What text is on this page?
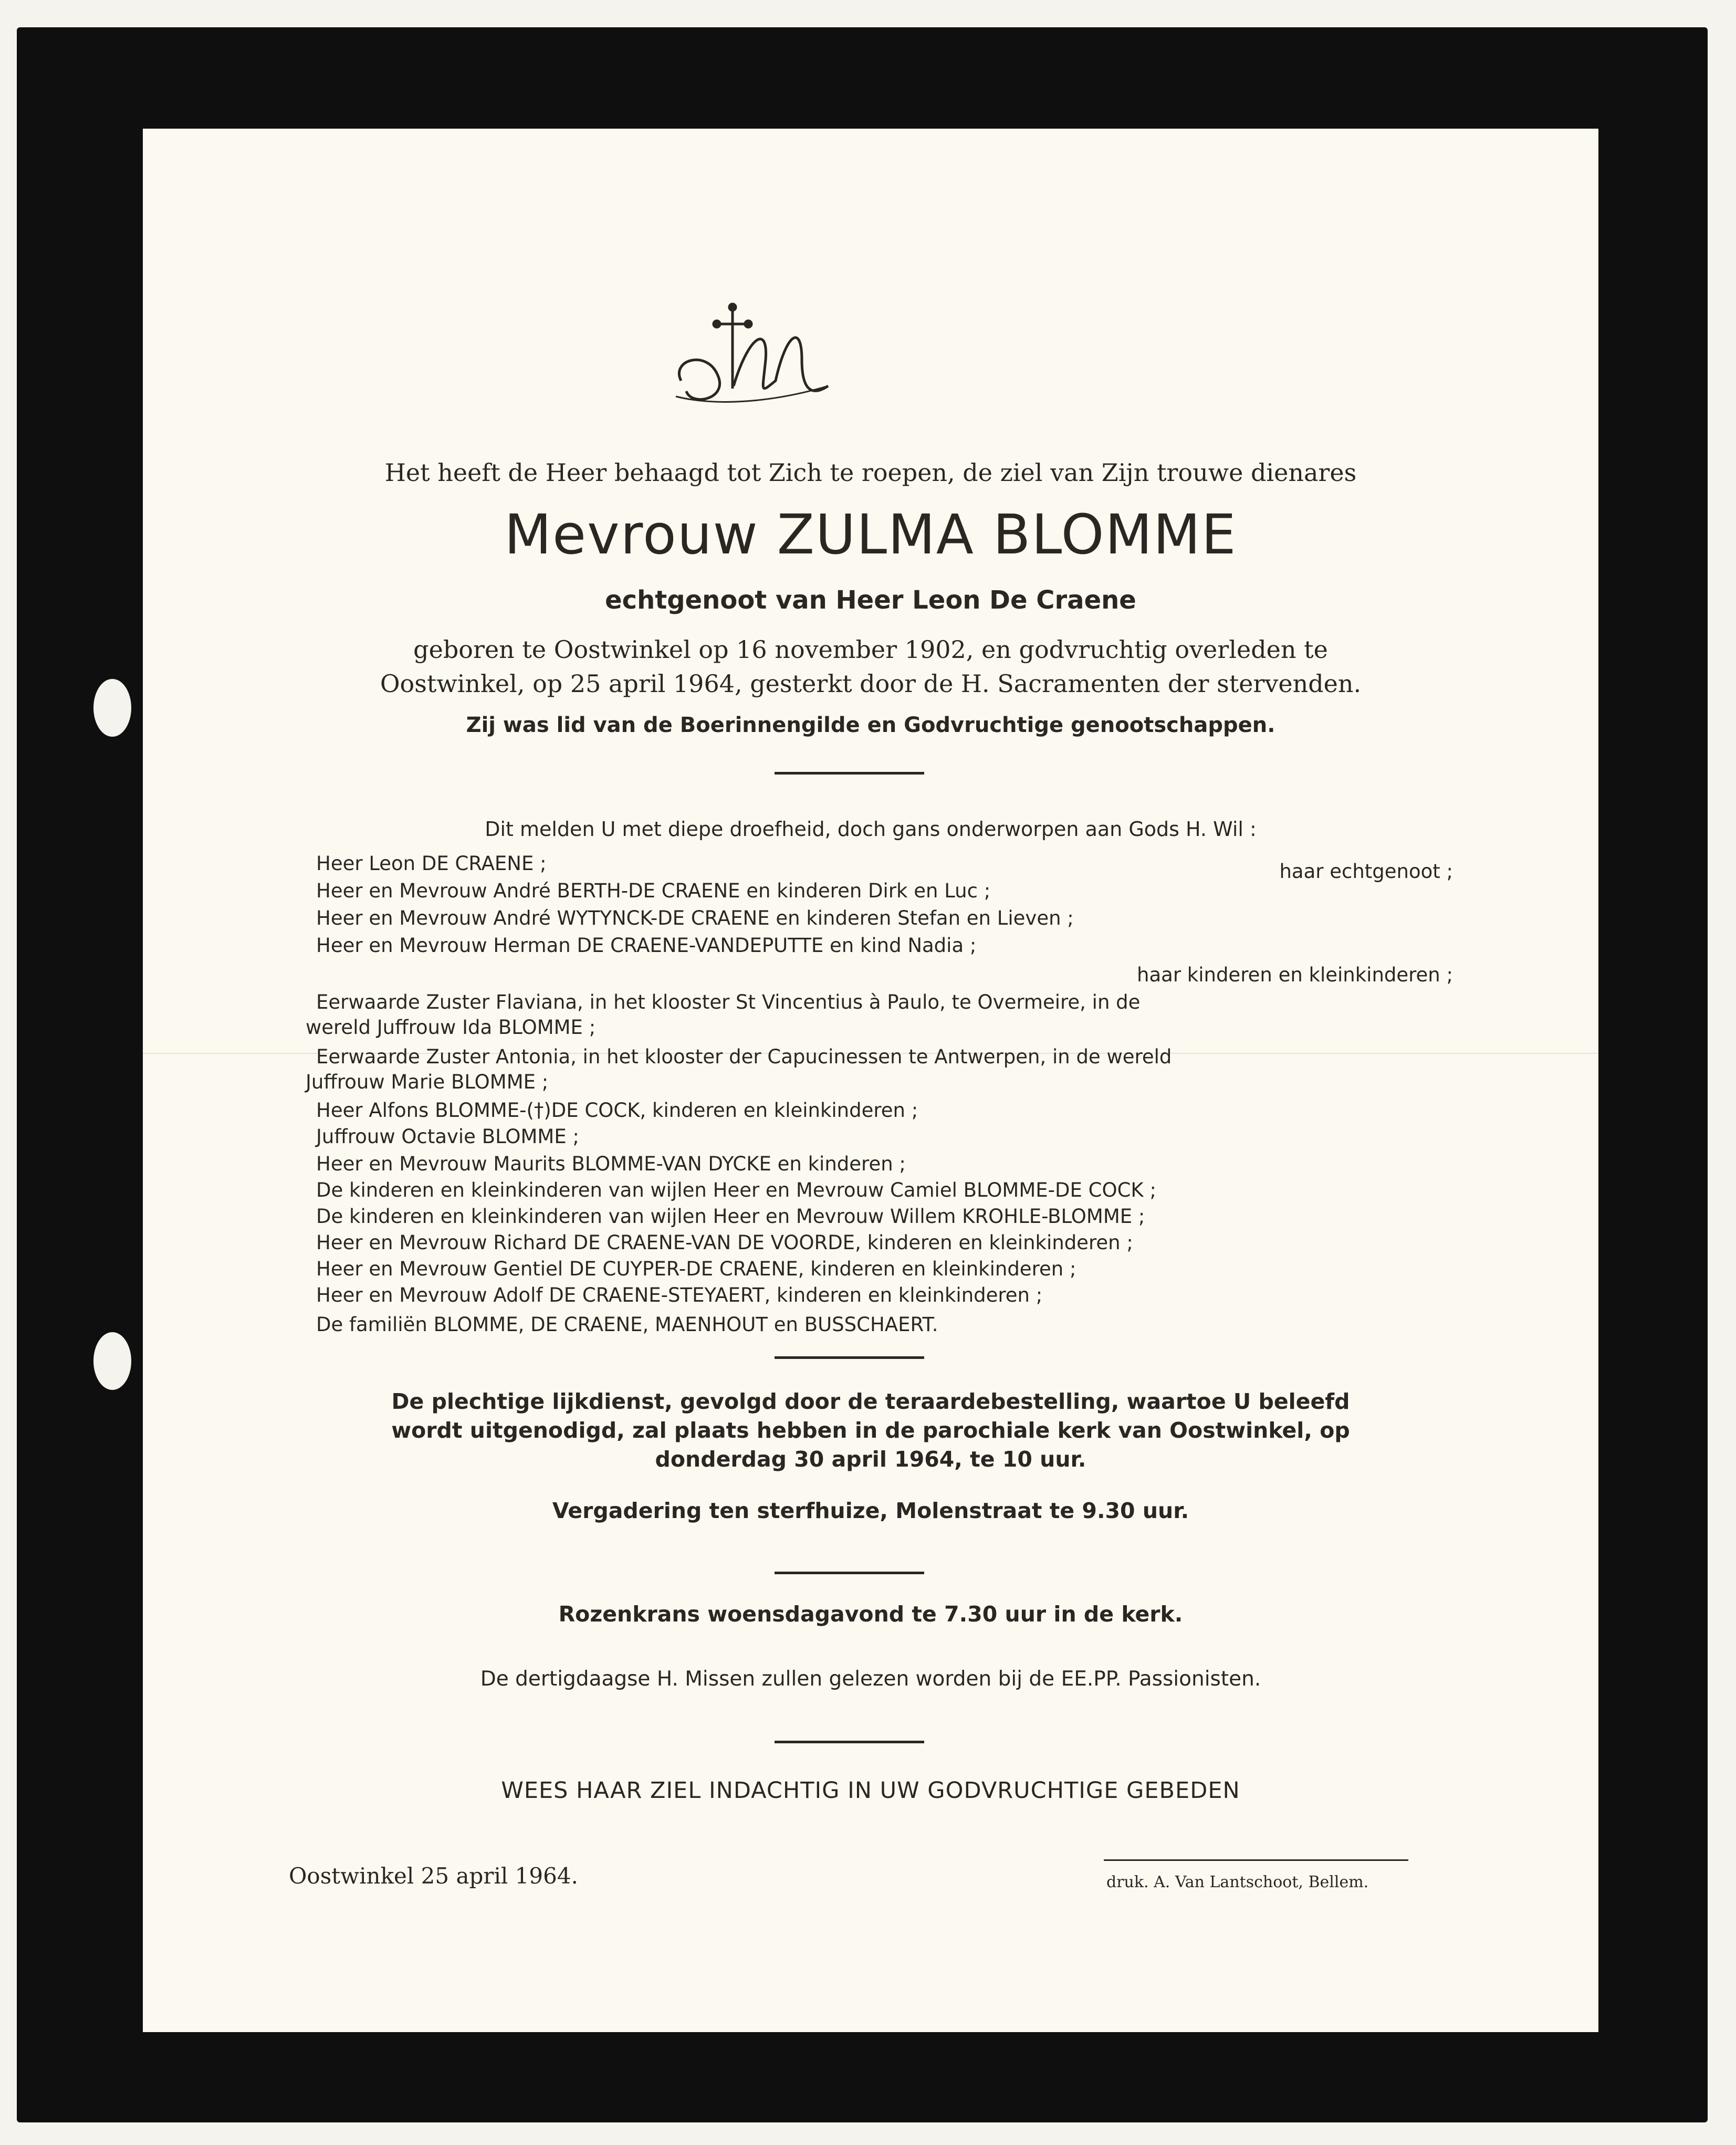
Het heeft de Heer behaagd tot Zich te roepen, de ziel van Zijn trouwe dienares
Mevrouw ZULMA BLOMME
echtgenoot van Heer Leon De Craene
geboren te Oostwinkel op 16 november 1902, en godvruchtig overleden te
Oostwinkel, op 25 april 1964, gesterkt door de H. Sacramenten der stervenden.
Zij was lid van de Boerinnengilde en Godvruchtige genootschappen.
Dit melden U met diepe droefheid, doch gans onderworpen aan Gods H. Wil :
Heer Leon DE CRAENE ;	haar echtgenoot ;
Heer en Mevrouw André BERTH-DE CRAENE en kinderen Dirk en Luc ;
Heer en Mevrouw André WYTYNCK-DE CRAENE en kinderen Stefan en Lieven ;
Heer en Mevrouw Herman DE CRAENE-VANDEPUTTE en kind Nadia ;
haar kinderen en kleinkinderen ;
Eerwaarde Zuster Flaviana, in het klooster St Vincentius à Paulo, te Overmeire, in de
wereld Juffrouw Ida BLOMME ;
Eerwaarde Zuster Antonia, in het klooster der Capucinessen te Antwerpen, in de wereld
Juffrouw Marie BLOMME ;
Heer Alfons BLOMME-(†)DE COCK, kinderen en kleinkinderen ;
Juffrouw Octavie BLOMME ;
Heer en Mevrouw Maurits BLOMME-VAN DYCKE en kinderen ;
De kinderen en kleinkinderen van wijlen Heer en Mevrouw Camiel BLOMME-DE COCK ;
De kinderen en kleinkinderen van wijlen Heer en Mevrouw Willem KROHLE-BLOMME ;
Heer en Mevrouw Richard DE CRAENE-VAN DE VOORDE, kinderen en kleinkinderen ;
Heer en Mevrouw Gentiel DE CUYPER-DE CRAENE, kinderen en kleinkinderen ;
Heer en Mevrouw Adolf DE CRAENE-STEYAERT, kinderen en kleinkinderen ;
De familiën BLOMME, DE CRAENE, MAENHOUT en BUSSCHAERT.
De plechtige lijkdienst, gevolgd door de teraardebestelling, waartoe U beleefd
wordt uitgenodigd, zal plaats hebben in de parochiale kerk van Oostwinkel, op
donderdag 30 april 1964, te 10 uur.
Vergadering ten sterfhuize, Molenstraat te 9.30 uur.
Rozenkrans woensdagavond te 7.30 uur in de kerk.
De dertigdaagse H. Missen zullen gelezen worden bij de EE.PP. Passionisten.
WEES HAAR ZIEL INDACHTIG IN UW GODVRUCHTIGE GEBEDEN
Oostwinkel 25 april 1964.	druk. A. Van Lantschoot, Bellem.
